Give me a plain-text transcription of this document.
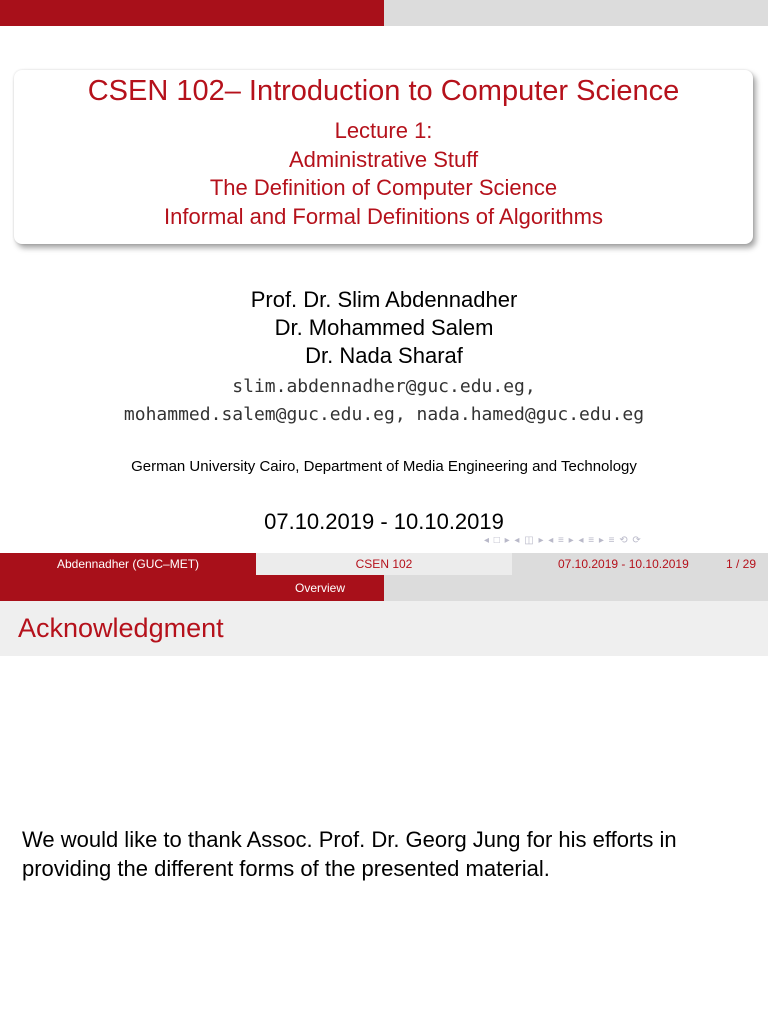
CSEN 102– Introduction to Computer Science
Lecture 1:
Administrative Stuff
The Definition of Computer Science
Informal and Formal Definitions of Algorithms
Prof. Dr. Slim Abdennadher
Dr. Mohammed Salem
Dr. Nada Sharaf
slim.abdennadher@guc.edu.eg,
mohammed.salem@guc.edu.eg, nada.hamed@guc.edu.eg
German University Cairo, Department of Media Engineering and Technology
07.10.2019 - 10.10.2019
◂ □ ▸ ◂ ◫ ▸ ◂ ≡ ▸ ◂ ≡ ▸ ≡ ⟲ ⟳
Abdennadher (GUC–MET)	CSEN 102	07.10.2019 - 10.10.2019	1 / 29
Overview
Acknowledgment
We would like to thank Assoc. Prof. Dr. Georg Jung for his efforts in
providing the different forms of the presented material.
